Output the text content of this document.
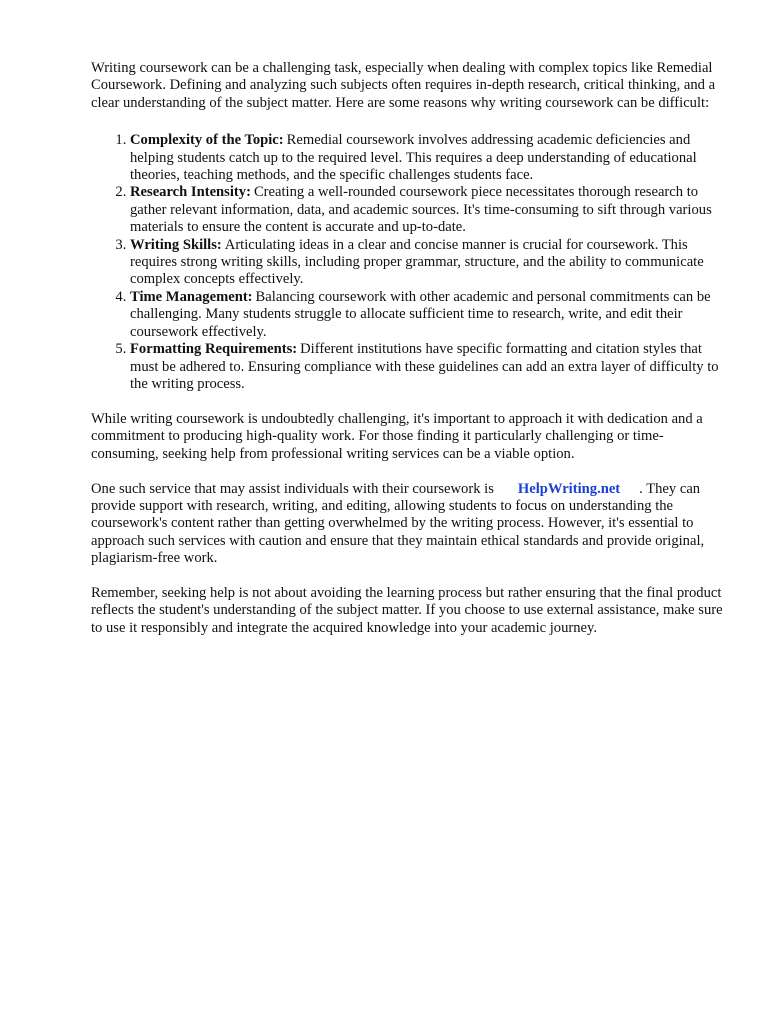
Writing coursework can be a challenging task, especially when dealing with complex topics like Remedial Coursework. Defining and analyzing such subjects often requires in-depth research, critical thinking, and a clear understanding of the subject matter. Here are some reasons why writing coursework can be difficult:

1. Complexity of the Topic: Remedial coursework involves addressing academic deficiencies and helping students catch up to the required level. This requires a deep understanding of educational theories, teaching methods, and the specific challenges students face.
2. Research Intensity: Creating a well-rounded coursework piece necessitates thorough research to gather relevant information, data, and academic sources. It's time-consuming to sift through various materials to ensure the content is accurate and up-to-date.
3. Writing Skills: Articulating ideas in a clear and concise manner is crucial for coursework. This requires strong writing skills, including proper grammar, structure, and the ability to communicate complex concepts effectively.
4. Time Management: Balancing coursework with other academic and personal commitments can be challenging. Many students struggle to allocate sufficient time to research, write, and edit their coursework effectively.
5. Formatting Requirements: Different institutions have specific formatting and citation styles that must be adhered to. Ensuring compliance with these guidelines can add an extra layer of difficulty to the writing process.

While writing coursework is undoubtedly challenging, it's important to approach it with dedication and a commitment to producing high-quality work. For those finding it particularly challenging or time-consuming, seeking help from professional writing services can be a viable option.

One such service that may assist individuals with their coursework is HelpWriting.net . They can provide support with research, writing, and editing, allowing students to focus on understanding the coursework's content rather than getting overwhelmed by the writing process. However, it's essential to approach such services with caution and ensure that they maintain ethical standards and provide original, plagiarism-free work.

Remember, seeking help is not about avoiding the learning process but rather ensuring that the final product reflects the student's understanding of the subject matter. If you choose to use external assistance, make sure to use it responsibly and integrate the acquired knowledge into your academic journey.
